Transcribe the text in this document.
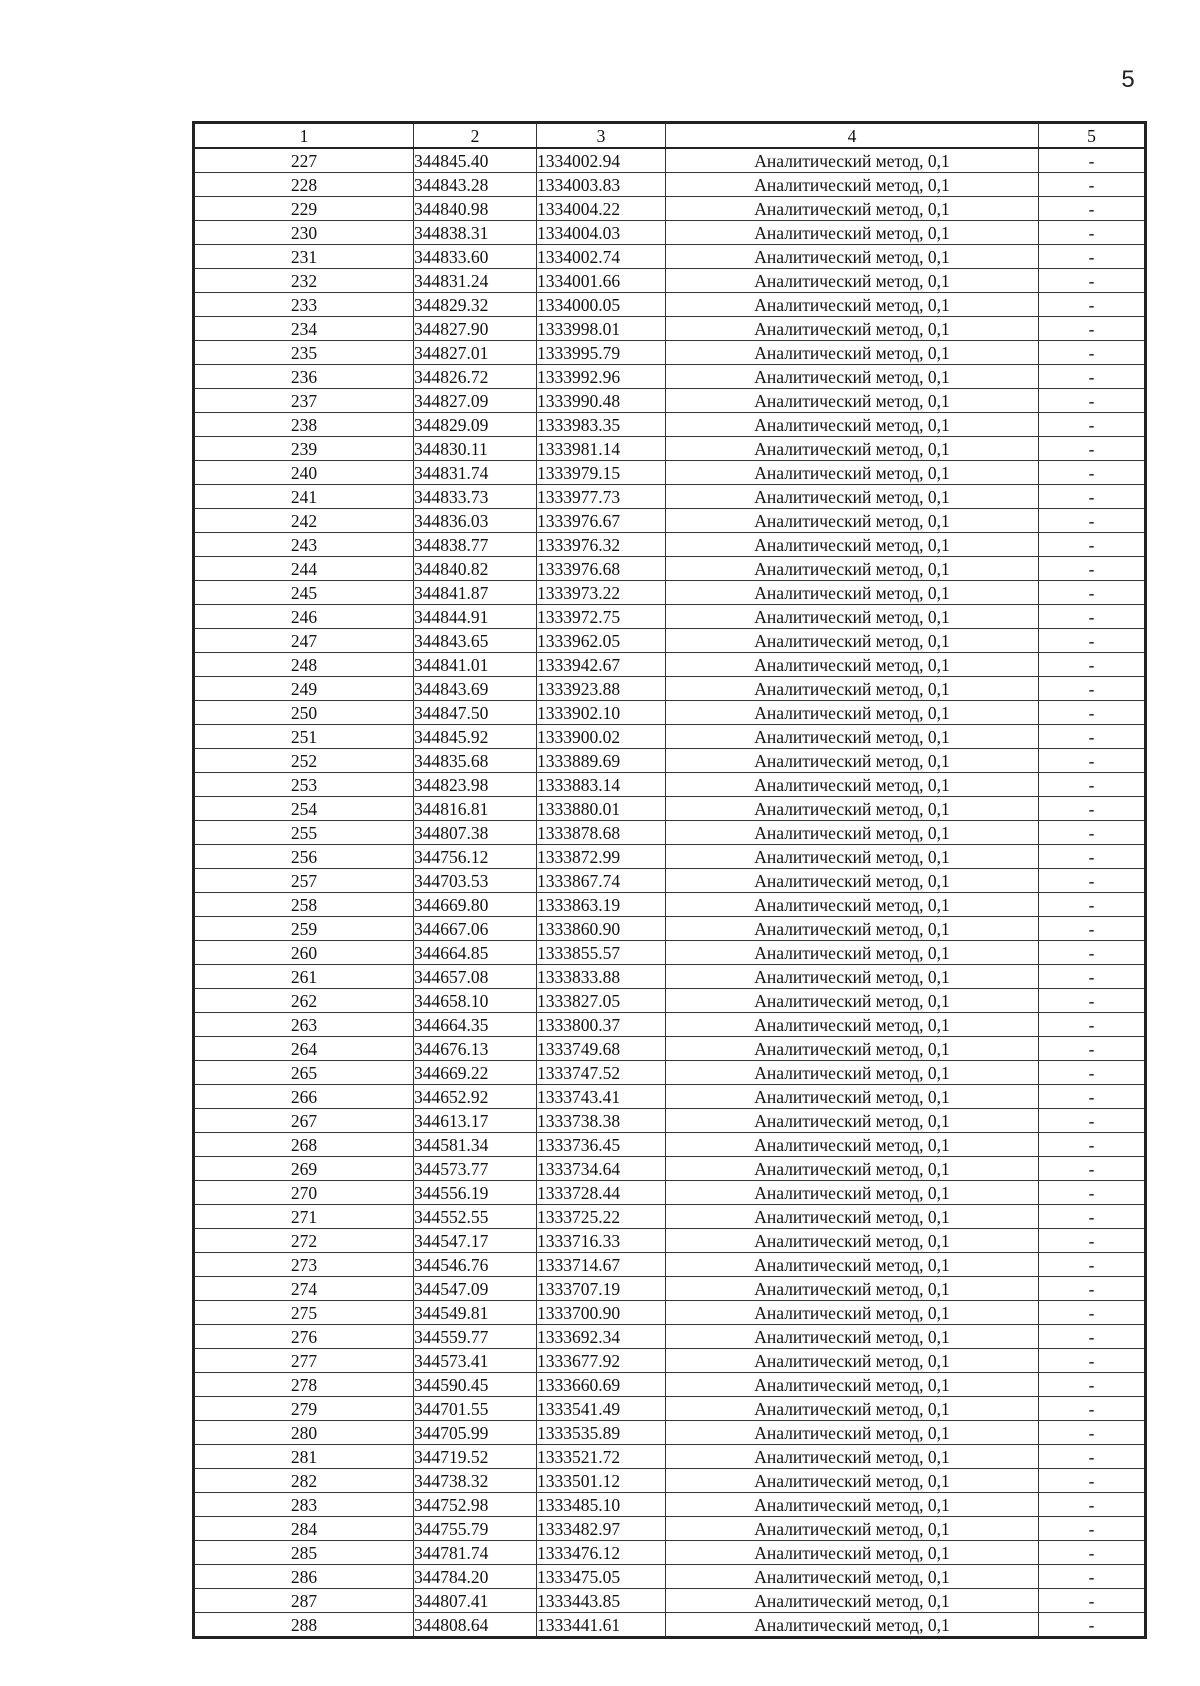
5
1	2	3	4	5
227	344845.40	1334002.94	Аналитический метод, 0,1	-
228	344843.28	1334003.83	Аналитический метод, 0,1	-
229	344840.98	1334004.22	Аналитический метод, 0,1	-
230	344838.31	1334004.03	Аналитический метод, 0,1	-
231	344833.60	1334002.74	Аналитический метод, 0,1	-
232	344831.24	1334001.66	Аналитический метод, 0,1	-
233	344829.32	1334000.05	Аналитический метод, 0,1	-
234	344827.90	1333998.01	Аналитический метод, 0,1	-
235	344827.01	1333995.79	Аналитический метод, 0,1	-
236	344826.72	1333992.96	Аналитический метод, 0,1	-
237	344827.09	1333990.48	Аналитический метод, 0,1	-
238	344829.09	1333983.35	Аналитический метод, 0,1	-
239	344830.11	1333981.14	Аналитический метод, 0,1	-
240	344831.74	1333979.15	Аналитический метод, 0,1	-
241	344833.73	1333977.73	Аналитический метод, 0,1	-
242	344836.03	1333976.67	Аналитический метод, 0,1	-
243	344838.77	1333976.32	Аналитический метод, 0,1	-
244	344840.82	1333976.68	Аналитический метод, 0,1	-
245	344841.87	1333973.22	Аналитический метод, 0,1	-
246	344844.91	1333972.75	Аналитический метод, 0,1	-
247	344843.65	1333962.05	Аналитический метод, 0,1	-
248	344841.01	1333942.67	Аналитический метод, 0,1	-
249	344843.69	1333923.88	Аналитический метод, 0,1	-
250	344847.50	1333902.10	Аналитический метод, 0,1	-
251	344845.92	1333900.02	Аналитический метод, 0,1	-
252	344835.68	1333889.69	Аналитический метод, 0,1	-
253	344823.98	1333883.14	Аналитический метод, 0,1	-
254	344816.81	1333880.01	Аналитический метод, 0,1	-
255	344807.38	1333878.68	Аналитический метод, 0,1	-
256	344756.12	1333872.99	Аналитический метод, 0,1	-
257	344703.53	1333867.74	Аналитический метод, 0,1	-
258	344669.80	1333863.19	Аналитический метод, 0,1	-
259	344667.06	1333860.90	Аналитический метод, 0,1	-
260	344664.85	1333855.57	Аналитический метод, 0,1	-
261	344657.08	1333833.88	Аналитический метод, 0,1	-
262	344658.10	1333827.05	Аналитический метод, 0,1	-
263	344664.35	1333800.37	Аналитический метод, 0,1	-
264	344676.13	1333749.68	Аналитический метод, 0,1	-
265	344669.22	1333747.52	Аналитический метод, 0,1	-
266	344652.92	1333743.41	Аналитический метод, 0,1	-
267	344613.17	1333738.38	Аналитический метод, 0,1	-
268	344581.34	1333736.45	Аналитический метод, 0,1	-
269	344573.77	1333734.64	Аналитический метод, 0,1	-
270	344556.19	1333728.44	Аналитический метод, 0,1	-
271	344552.55	1333725.22	Аналитический метод, 0,1	-
272	344547.17	1333716.33	Аналитический метод, 0,1	-
273	344546.76	1333714.67	Аналитический метод, 0,1	-
274	344547.09	1333707.19	Аналитический метод, 0,1	-
275	344549.81	1333700.90	Аналитический метод, 0,1	-
276	344559.77	1333692.34	Аналитический метод, 0,1	-
277	344573.41	1333677.92	Аналитический метод, 0,1	-
278	344590.45	1333660.69	Аналитический метод, 0,1	-
279	344701.55	1333541.49	Аналитический метод, 0,1	-
280	344705.99	1333535.89	Аналитический метод, 0,1	-
281	344719.52	1333521.72	Аналитический метод, 0,1	-
282	344738.32	1333501.12	Аналитический метод, 0,1	-
283	344752.98	1333485.10	Аналитический метод, 0,1	-
284	344755.79	1333482.97	Аналитический метод, 0,1	-
285	344781.74	1333476.12	Аналитический метод, 0,1	-
286	344784.20	1333475.05	Аналитический метод, 0,1	-
287	344807.41	1333443.85	Аналитический метод, 0,1	-
288	344808.64	1333441.61	Аналитический метод, 0,1	-
